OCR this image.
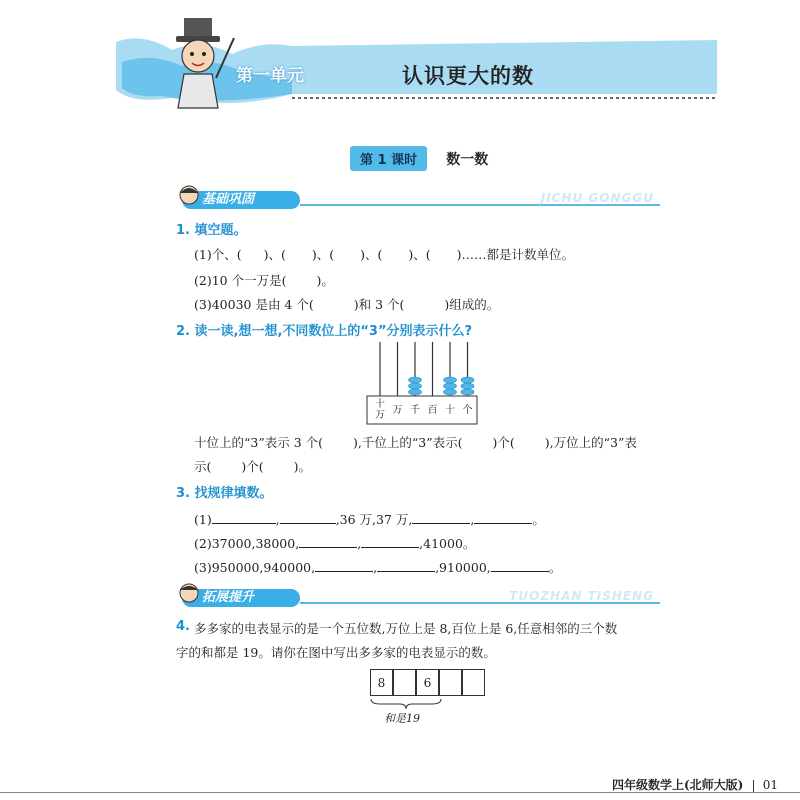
第一单元	认识更大的数
第 1 课时 数一数
基础巩固	JICHU GONGGU
1. 填空题。
(1)个、( )、( )、( )、( )、( )……都是计数单位。
(2)10 个一万是( )。
(3)40030 是由 4 个(	)和 3 个(	)组成的。
2. 读一读,想一想,不同数位上的“3”分别表示什么?
十
万 万 千 百 十 个
十位上的“3”表示 3 个( ),千位上的“3”表示( )个( ),万位上的“3”表
示( )个( )。
3. 找规律填数。
(1)	,	,36 万,37 万,	,	。
(2)37000,38000,	,	,41000。
(3)950000,940000,	,	,910000,	。
拓展提升	TUOZHAN TISHENG
4. 多多家的电表显示的是一个五位数,万位上是 8,百位上是 6,任意相邻的三个数
字的和都是 19。请你在图中写出多多家的电表显示的数。
8	6
和是19
四年级数学上(北师大版) 01
